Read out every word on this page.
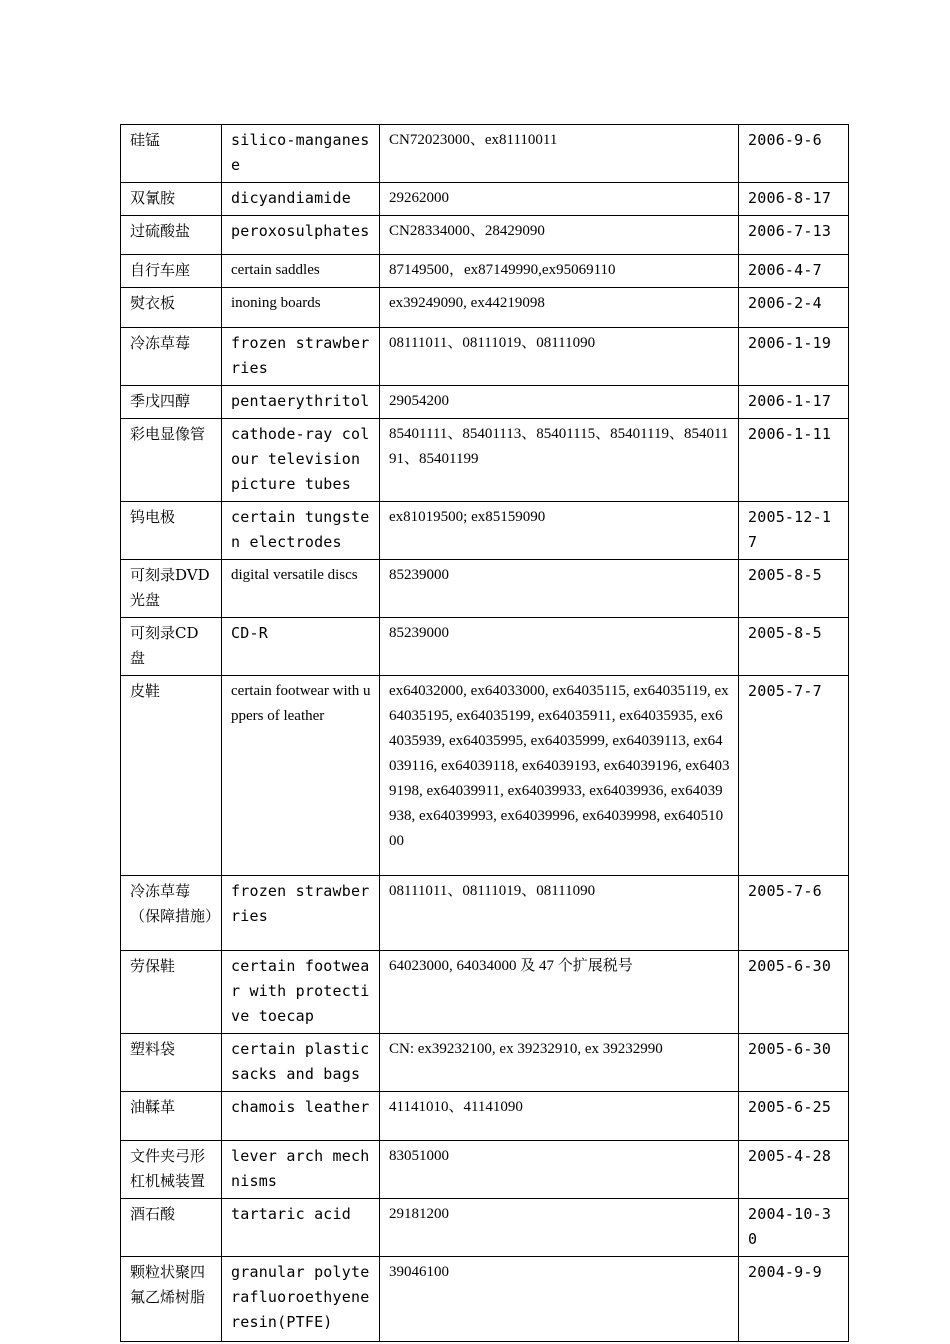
硅锰	silico-manganese	CN72023000、ex81110011	2006-9-6
双氰胺	dicyandiamide	29262000	2006-8-17
过硫酸盐	peroxosulphates	CN28334000、28429090	2006-7-13
自行车座	certain saddles	87149500，ex87149990,ex95069110	2006-4-7
熨衣板	inoning boards	ex39249090, ex44219098	2006-2-4
冷冻草莓	frozen strawberries	08111011、08111019、08111090	2006-1-19
季戊四醇	pentaerythritol	29054200	2006-1-17
彩电显像管	cathode-ray colour television picture tubes	85401111、85401113、85401115、85401119、85401191、85401199	2006-1-11
钨电极	certain tungsten electrodes	ex81019500; ex85159090	2005-12-17
可刻录DVD光盘	digital versatile discs	85239000	2005-8-5
可刻录CD盘	CD-R	85239000	2005-8-5
皮鞋	certain footwear with uppers of leather	ex64032000, ex64033000, ex64035115, ex64035119, ex64035195, ex64035199, ex64035911, ex64035935, ex64035939, ex64035995, ex64035999, ex64039113, ex64039116, ex64039118, ex64039193, ex64039196, ex64039198, ex64039911, ex64039933, ex64039936, ex64039938, ex64039993, ex64039996, ex64039998, ex64051000	2005-7-7
冷冻草莓（保障措施）	frozen strawberries	08111011、08111019、08111090	2005-7-6
劳保鞋	certain footwear with protective toecap	64023000, 64034000 及 47 个扩展税号	2005-6-30
塑料袋	certain plastic sacks and bags	CN: ex39232100, ex 39232910, ex 39232990	2005-6-30
油鞣革	chamois leather	41141010、41141090	2005-6-25
文件夹弓形杠机械装置	lever arch mechnisms	83051000	2005-4-28
酒石酸	tartaric acid	29181200	2004-10-30
颗粒状聚四氟乙烯树脂	granular polyterafluoroethyene resin(PTFE)	39046100	2004-9-9
